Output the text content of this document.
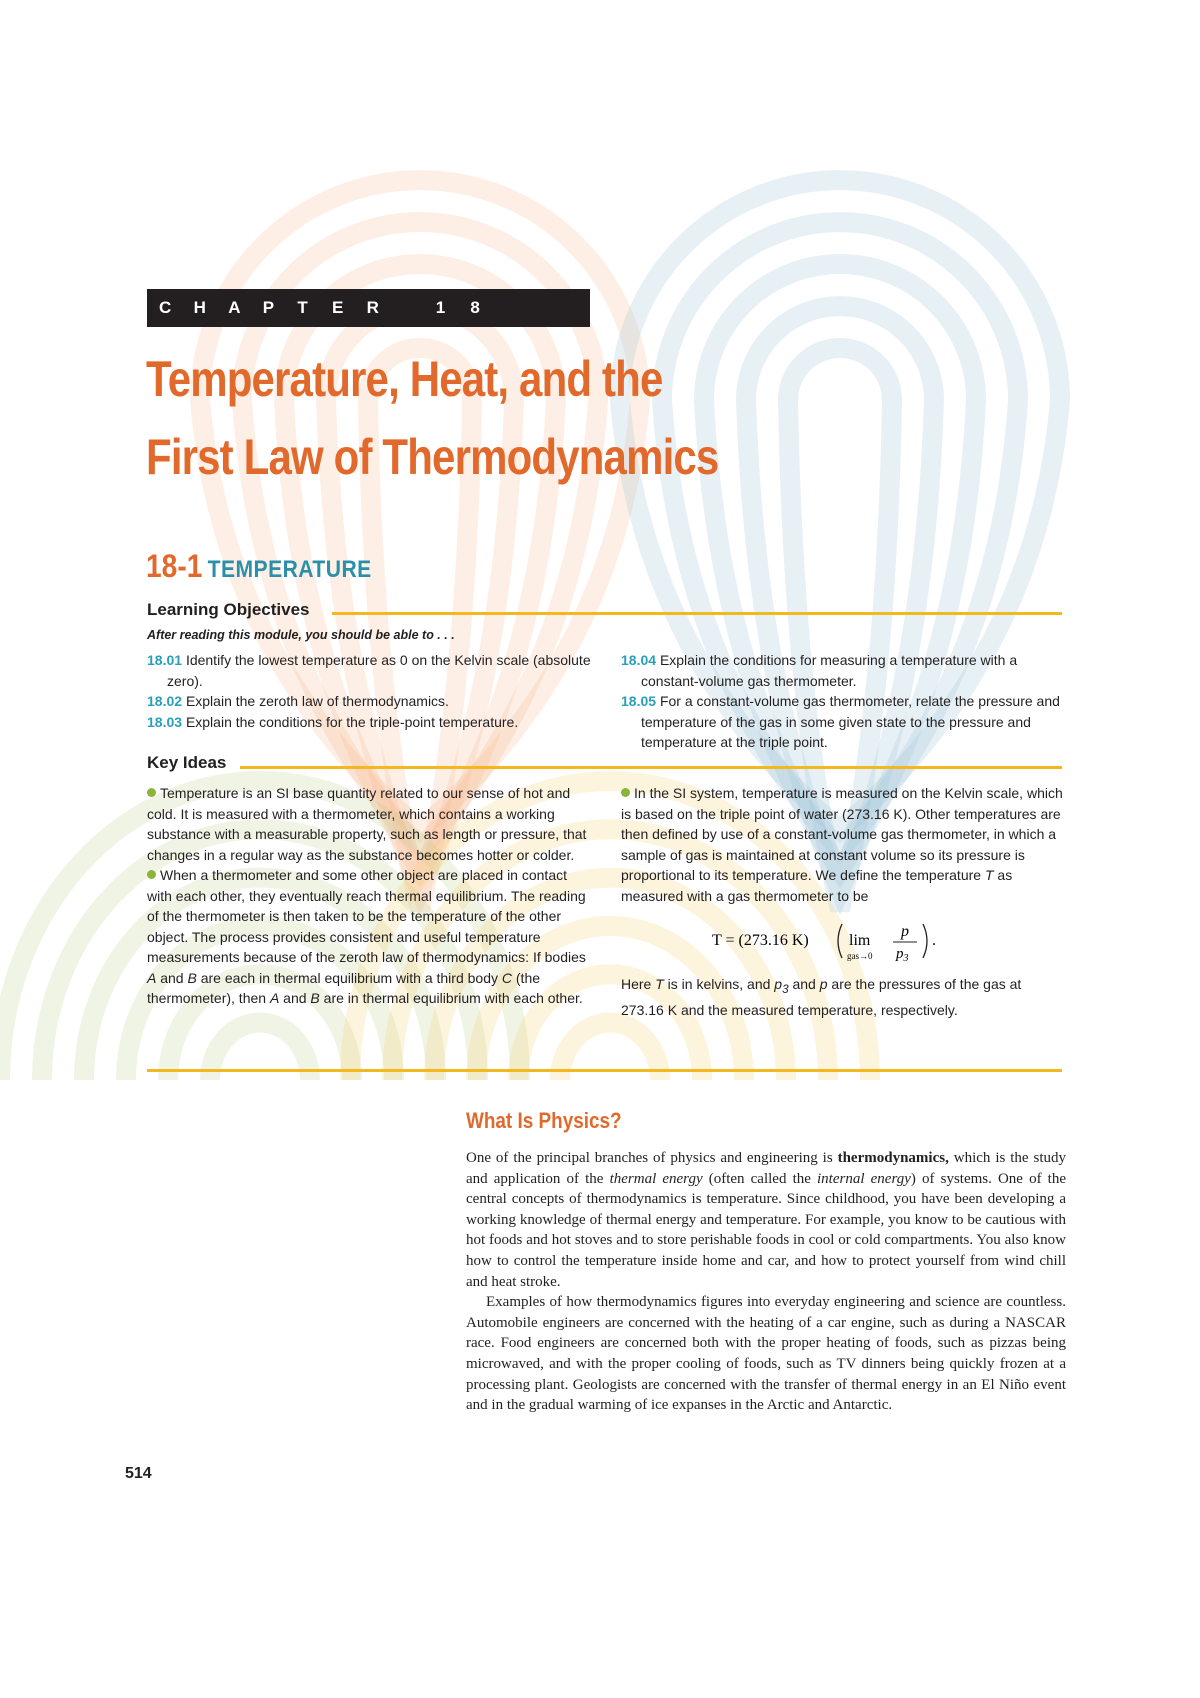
C	H	A	P	T	E	R	1	8
Temperature, Heat, and the
First Law of Thermodynamics
18-1 TEMPERATURE
Learning Objectives
After reading this module, you should be able to . . .

18.01 Identify the lowest temperature as 0 on the Kelvin scale (absolute zero).

18.02 Explain the zeroth law of thermodynamics.

18.03 Explain the conditions for the triple-point temperature.

18.04 Explain the conditions for measuring a temperature with a constant-volume gas thermometer.

18.05 For a constant-volume gas thermometer, relate the pressure and temperature of the gas in some given state to the pressure and temperature at the triple point.

Key Ideas

Temperature is an SI base quantity related to our sense of hot and cold. It is measured with a thermometer, which contains a working substance with a measurable property, such as length or pressure, that changes in a regular way as the substance becomes hotter or colder.

When a thermometer and some other object are placed in contact with each other, they eventually reach thermal equilibrium. The reading of the thermometer is then taken to be the temperature of the other object. The process provides consistent and useful temperature measurements because of the zeroth law of thermodynamics: If bodies A and B are each in thermal equilibrium with a third body C (the thermometer), then A and B are in thermal equilibrium with each other.

In the SI system, temperature is measured on the Kelvin scale, which is based on the triple point of water (273.16 K). Other temperatures are then defined by use of a constant-volume gas thermometer, in which a sample of gas is maintained at constant volume so its pressure is proportional to its temperature. We define the temperature T as measured with a gas thermometer to be

T = (273.16 K)	lim
gas→0
p
$p_3$
.

Here T is in kelvins, and $p_3$ and p are the pressures of the gas at 273.16 K and the measured temperature, respectively.

What Is Physics?

One of the principal branches of physics and engineering is thermodynamics, which is the study and application of the thermal energy (often called the internal energy) of systems. One of the central concepts of thermodynamics is temperature. Since childhood, you have been developing a working knowledge of thermal energy and temperature. For example, you know to be cautious with hot foods and hot stoves and to store perishable foods in cool or cold compartments. You also know how to control the temperature inside home and car, and how to protect yourself from wind chill and heat stroke.

Examples of how thermodynamics figures into everyday engineering and science are countless. Automobile engineers are concerned with the heating of a car engine, such as during a NASCAR race. Food engineers are concerned both with the proper heating of foods, such as pizzas being microwaved, and with the proper cooling of foods, such as TV dinners being quickly frozen at a processing plant. Geologists are concerned with the transfer of thermal energy in an El Niño event and in the gradual warming of ice expanses in the Arctic and Antarctic.

514
